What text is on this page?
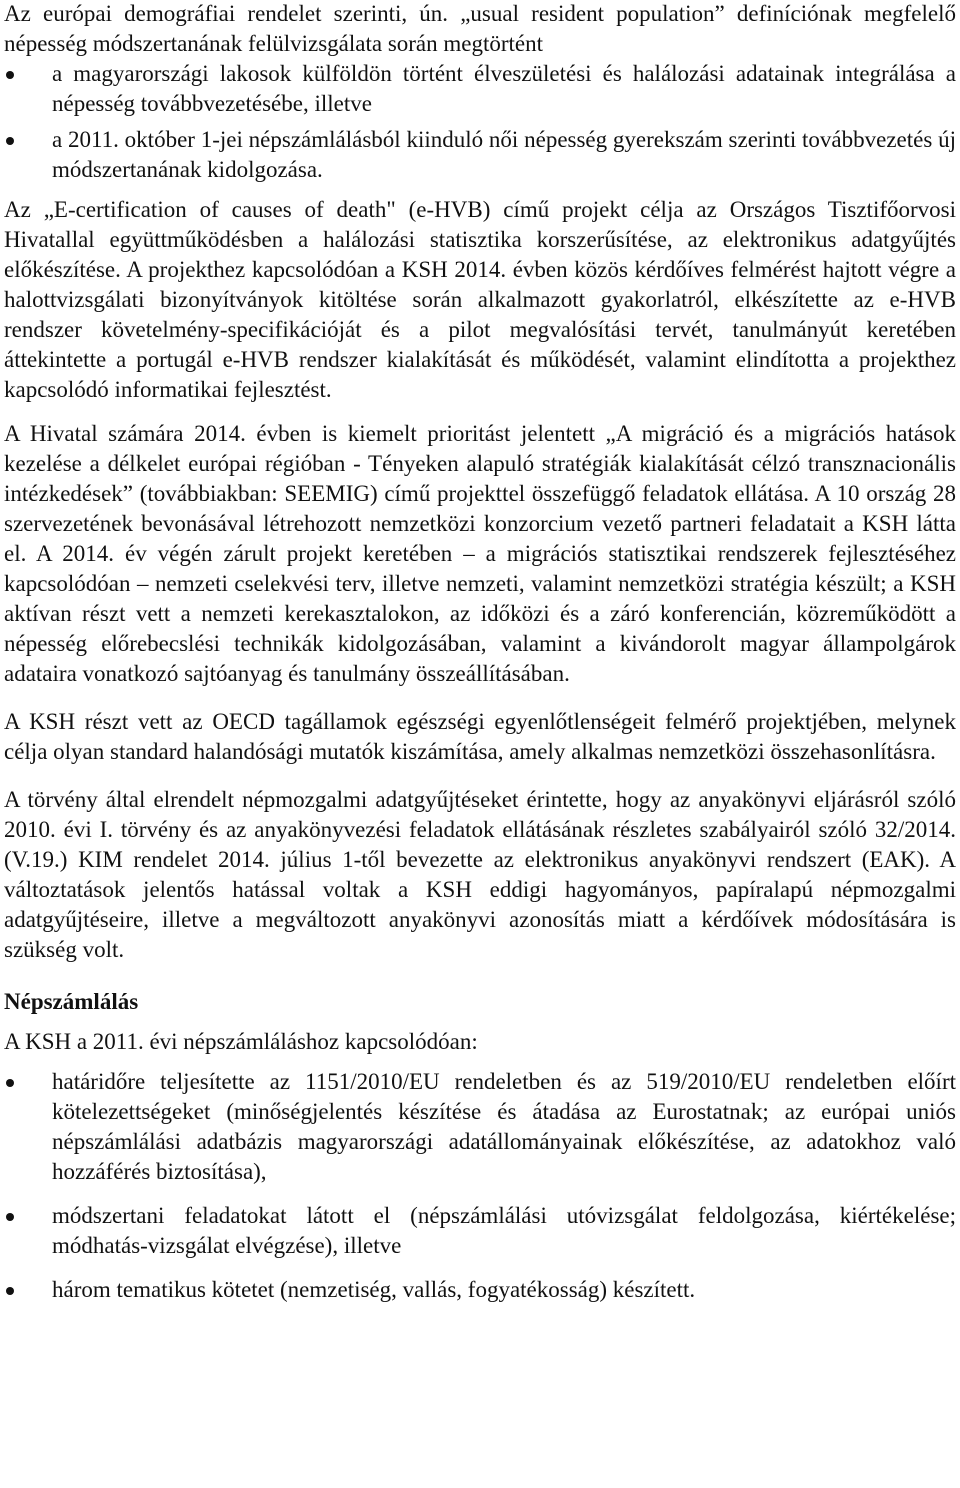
Az európai demográfiai rendelet szerinti, ún. „usual resident population” definíciónak megfelelő népesség módszertanának felülvizsgálata során megtörtént

a magyarországi lakosok külföldön történt élveszületési és halálozási adatainak integrálása a népesség továbbvezetésébe, illetve
a 2011. október 1-jei népszámlálásból kiinduló női népesség gyerekszám szerinti továbbvezetés új módszertanának kidolgozása.

Az „E-certification of causes of death" (e-HVB) című projekt célja az Országos Tisztifőorvosi Hivatallal együttműködésben a halálozási statisztika korszerűsítése, az elektronikus adatgyűjtés előkészítése. A projekthez kapcsolódóan a KSH 2014. évben közös kérdőíves felmérést hajtott végre a halottvizsgálati bizonyítványok kitöltése során alkalmazott gyakorlatról, elkészítette az e-HVB rendszer követelmény-specifikációját és a pilot megvalósítási tervét, tanulmányút keretében áttekintette a portugál e-HVB rendszer kialakítását és működését, valamint elindította a projekthez kapcsolódó informatikai fejlesztést.

A Hivatal számára 2014. évben is kiemelt prioritást jelentett „A migráció és a migrációs hatások kezelése a délkelet európai régióban - Tényeken alapuló stratégiák kialakítását célzó transznacionális intézkedések” (továbbiakban: SEEMIG) című projekttel összefüggő feladatok ellátása. A 10 ország 28 szervezetének bevonásával létrehozott nemzetközi konzorcium vezető partneri feladatait a KSH látta el. A 2014. év végén zárult projekt keretében – a migrációs statisztikai rendszerek fejlesztéséhez kapcsolódóan – nemzeti cselekvési terv, illetve nemzeti, valamint nemzetközi stratégia készült; a KSH aktívan részt vett a nemzeti kerekasztalokon, az időközi és a záró konferencián, közreműködött a népesség előrebecslési technikák kidolgozásában, valamint a kivándorolt magyar állampolgárok adataira vonatkozó sajtóanyag és tanulmány összeállításában.

A KSH részt vett az OECD tagállamok egészségi egyenlőtlenségeit felmérő projektjében, melynek célja olyan standard halandósági mutatók kiszámítása, amely alkalmas nemzetközi összehasonlításra.

A törvény által elrendelt népmozgalmi adatgyűjtéseket érintette, hogy az anyakönyvi eljárásról szóló 2010. évi I. törvény és az anyakönyvezési feladatok ellátásának részletes szabályairól szóló 32/2014. (V.19.) KIM rendelet 2014. július 1-től bevezette az elektronikus anyakönyvi rendszert (EAK). A változtatások jelentős hatással voltak a KSH eddigi hagyományos, papíralapú népmozgalmi adatgyűjtéseire, illetve a megváltozott anyakönyvi azonosítás miatt a kérdőívek módosítására is szükség volt.

Népszámlálás

A KSH a 2011. évi népszámláláshoz kapcsolódóan:

határidőre teljesítette az 1151/2010/EU rendeletben és az 519/2010/EU rendeletben előírt kötelezettségeket (minőségjelentés készítése és átadása az Eurostatnak; az európai uniós népszámlálási adatbázis magyarországi adatállományainak előkészítése, az adatokhoz való hozzáférés biztosítása),
módszertani feladatokat látott el (népszámlálási utóvizsgálat feldolgozása, kiértékelése; módhatás-vizsgálat elvégzése), illetve
három tematikus kötetet (nemzetiség, vallás, fogyatékosság) készített.
